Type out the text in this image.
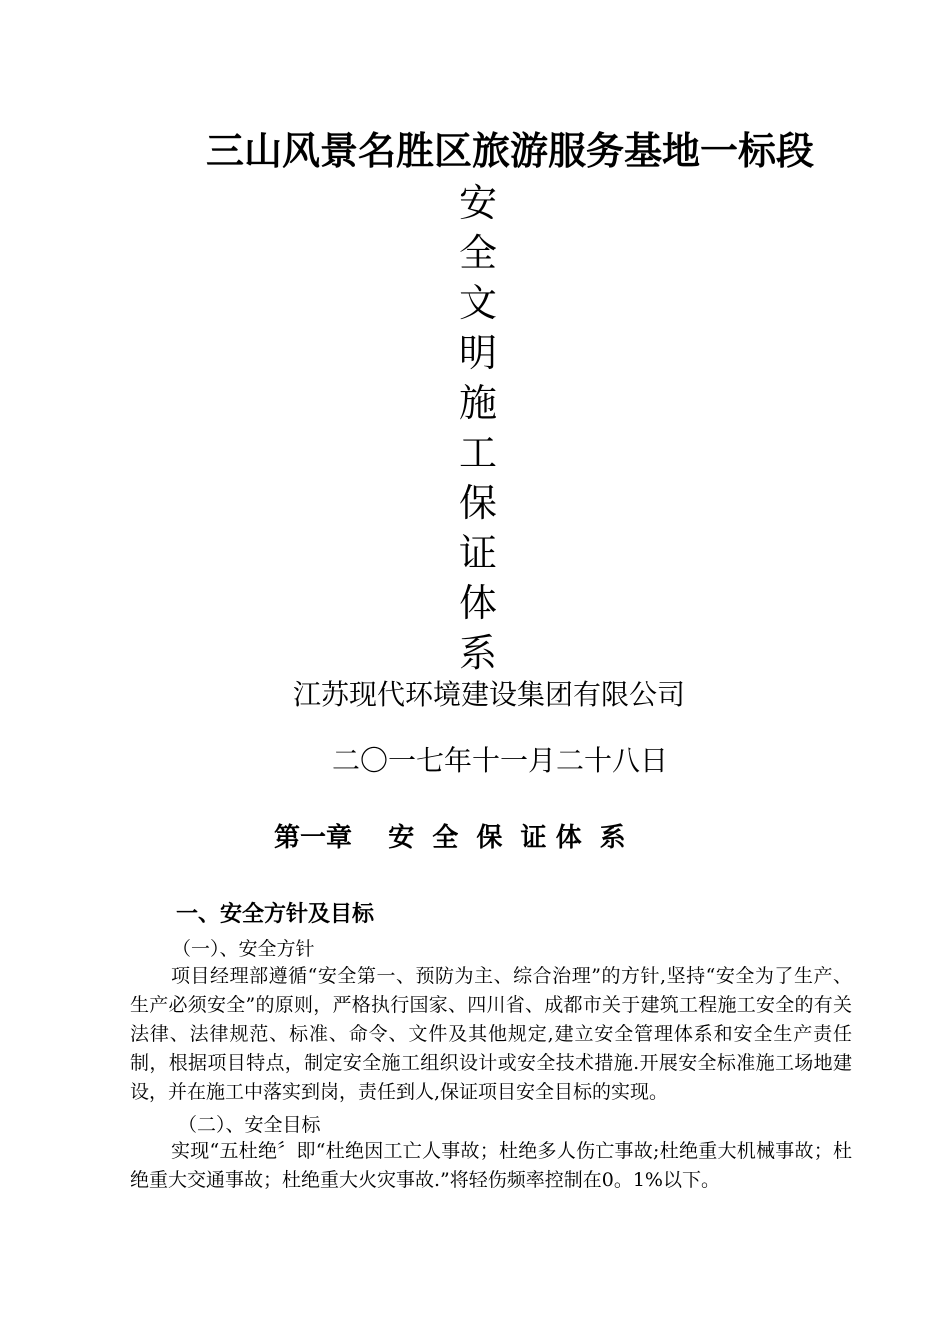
三山风景名胜区旅游服务基地一标段
安
全
文
明
施
工
保
证
体
系

江苏现代环境建设集团有限公司

二〇一七年十一月二十八日

第一章    安  全  保  证 体  系
一、安全方针及目标

（一）、安全方针

项目经理部遵循“安全第一、预防为主、综合治理”的方针,坚持“安全为了生产、生产必须安全”的原则，严格执行国家、四川省、成都市关于建筑工程施工安全的有关法律、法律规范、标准、命令、文件及其他规定,建立安全管理体系和安全生产责任制，根据项目特点，制定安全施工组织设计或安全技术措施.开展安全标准施工场地建设，并在施工中落实到岗，责任到人,保证项目安全目标的实现。

（二）、安全目标

实现“五杜绝〞即“杜绝因工亡人事故；杜绝多人伤亡事故;杜绝重大机械事故；杜绝重大交通事故；杜绝重大火灾事故.”将轻伤频率控制在0。1%以下。
